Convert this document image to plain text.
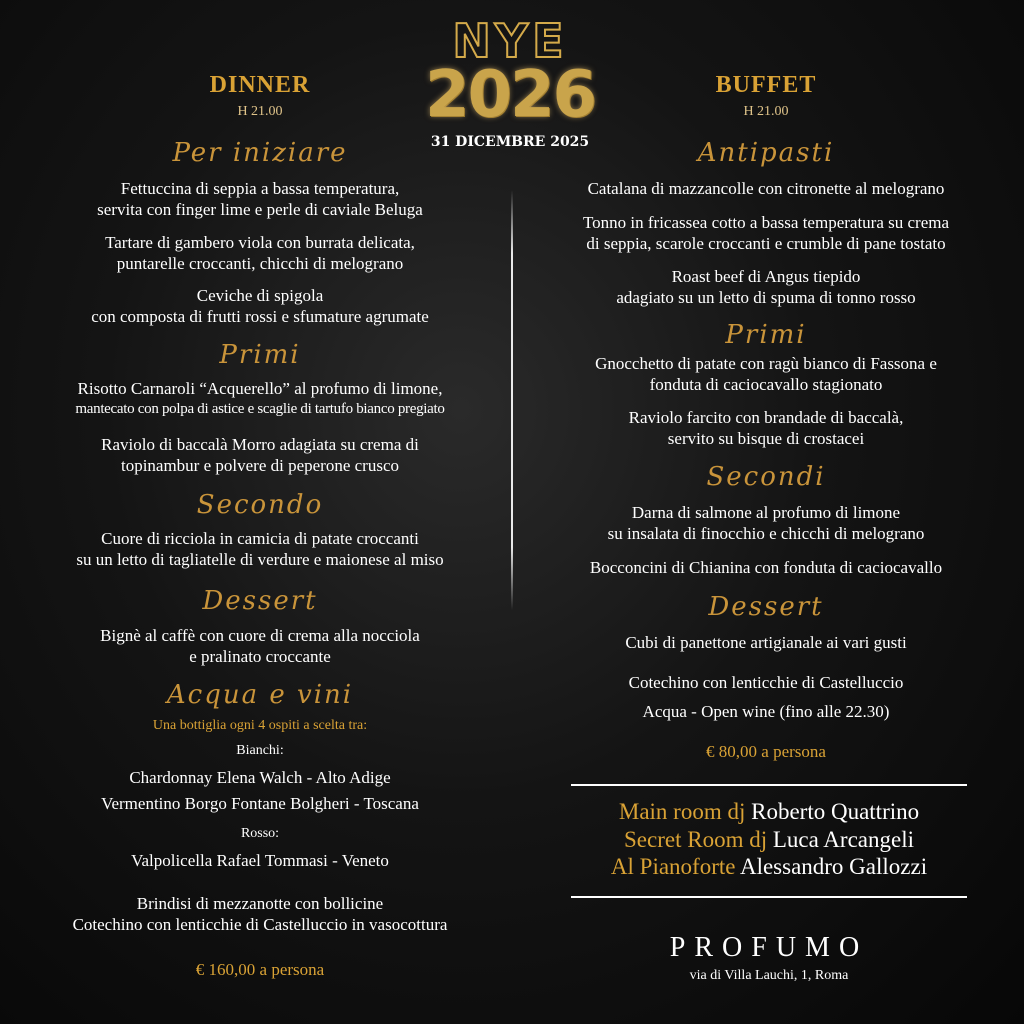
NYE
2026
31 DICEMBRE 2025
DINNER
H 21.00
Per iniziare
Fettuccina di seppia a bassa temperatura,
servita con finger lime e perle di caviale Beluga
Tartare di gambero viola con burrata delicata,
puntarelle croccanti, chicchi di melograno
Ceviche di spigola
con composta di frutti rossi e sfumature agrumate
Primi
Risotto Carnaroli “Acquerello” al profumo di limone,
mantecato con polpa di astice e scaglie di tartufo bianco pregiato
Raviolo di baccalà Morro adagiata su crema di
topinambur e polvere di peperone crusco
Secondo
Cuore di ricciola in camicia di patate croccanti
su un letto di tagliatelle di verdure e maionese al miso
Dessert
Bignè al caffè con cuore di crema alla nocciola
e pralinato croccante
Acqua e vini
Una bottiglia ogni 4 ospiti a scelta tra:
Bianchi:
Chardonnay Elena Walch - Alto Adige
Vermentino Borgo Fontane Bolgheri - Toscana
Rosso:
Valpolicella Rafael Tommasi - Veneto
Brindisi di mezzanotte con bollicine
Cotechino con lenticchie di Castelluccio in vasocottura
€ 160,00 a persona
BUFFET
H 21.00
Antipasti
Catalana di mazzancolle con citronette al melograno
Tonno in fricassea cotto a bassa temperatura su crema
di seppia, scarole croccanti e crumble di pane tostato
Roast beef di Angus tiepido
adagiato su un letto di spuma di tonno rosso
Primi
Gnocchetto di patate con ragù bianco di Fassona e
fonduta di caciocavallo stagionato
Raviolo farcito con brandade di baccalà,
servito su bisque di crostacei
Secondi
Darna di salmone al profumo di limone
su insalata di finocchio e chicchi di melograno
Bocconcini di Chianina con fonduta di caciocavallo
Dessert
Cubi di panettone artigianale ai vari gusti
Cotechino con lenticchie di Castelluccio
Acqua - Open wine (fino alle 22.30)
€ 80,00 a persona
Main room dj Roberto Quattrino
Secret Room dj Luca Arcangeli
Al Pianoforte Alessandro Gallozzi
PROFUMO
via di Villa Lauchi, 1, Roma
